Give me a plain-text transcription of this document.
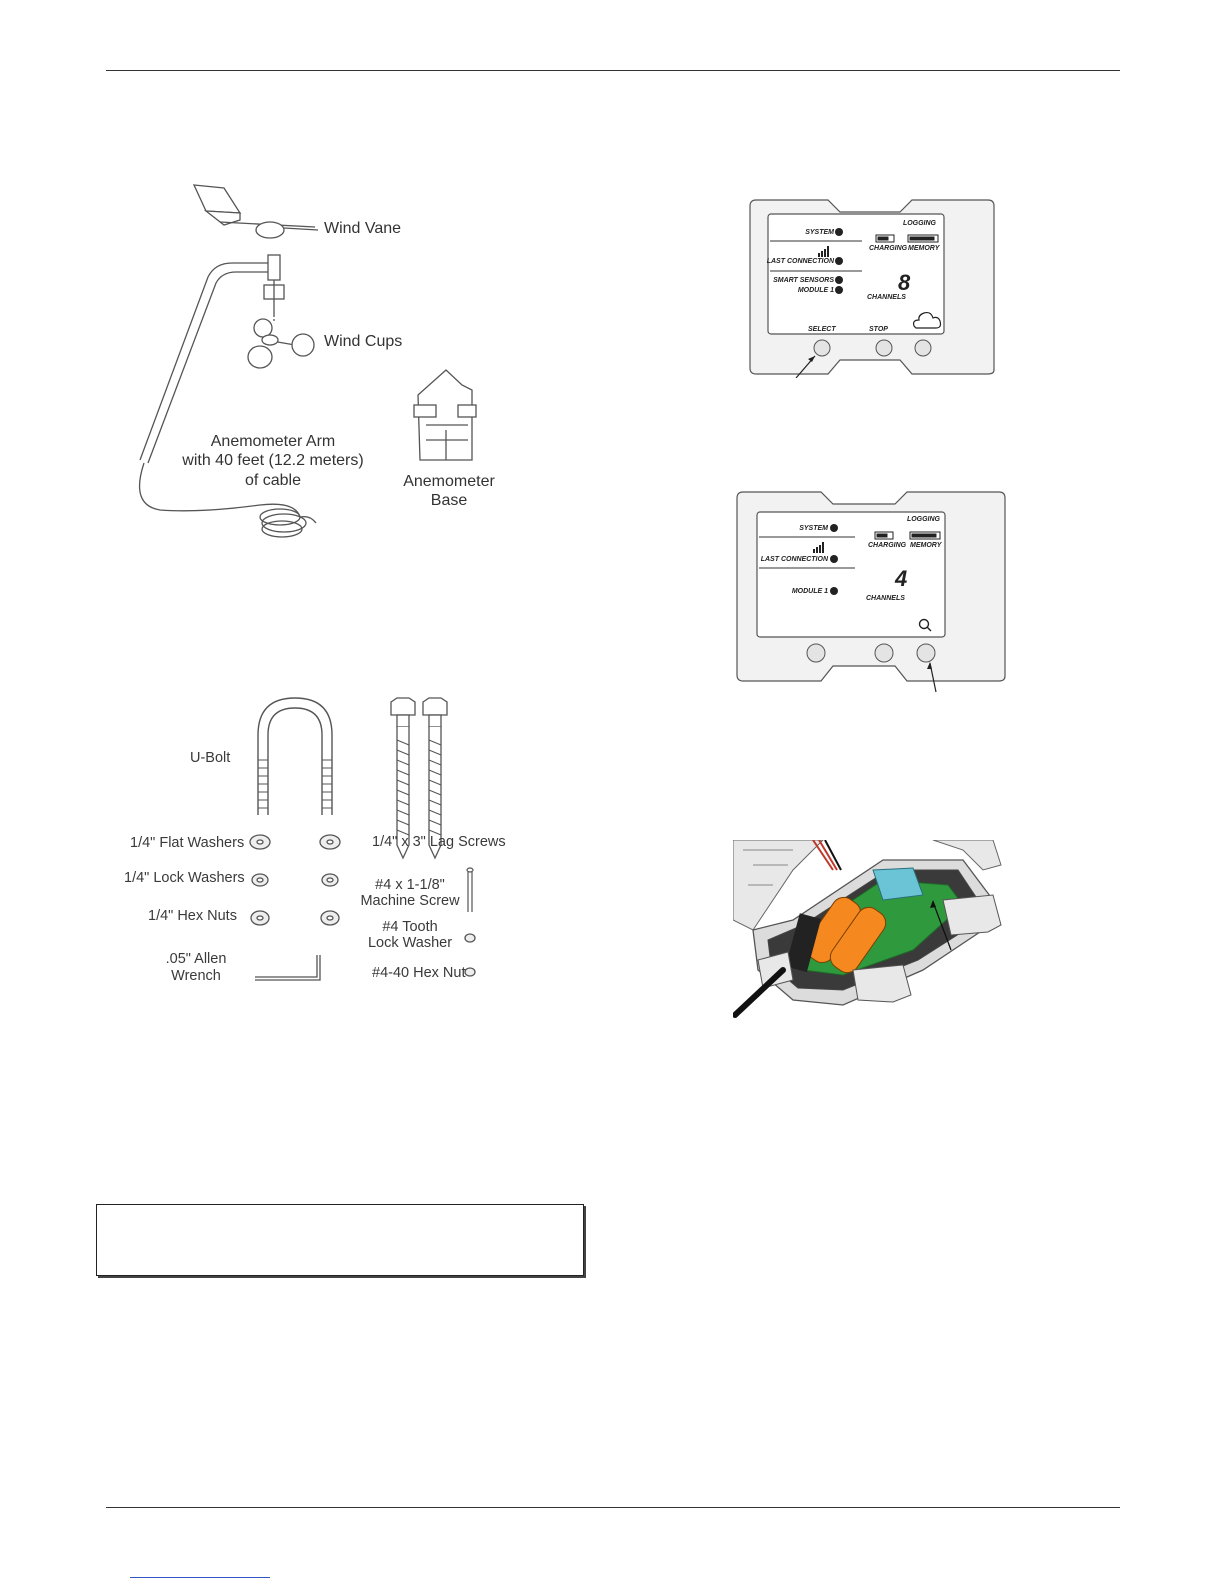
Wind Vane
Wind Cups
Anemometer Arm
with 40 feet (12.2 meters)
of cable	Anemometer
Base
U-Bolt
1/4" Flat Washers
1/4" Lock Washers
1/4" Hex Nuts
.05" Allen
Wrench
1/4" x 3" Lag Screws
#4 x 1-1/8"
Machine Screw
#4 Tooth
Lock Washer
#4-40 Hex Nut
LOGGING
SYSTEM
LAST CONNECTION
SMART SENSORS
MODULE 1
CHARGING MEMORY
8
CHANNELS
SELECT	STOP
LOGGING
SYSTEM
LAST CONNECTION
MODULE 1
CHARGING MEMORY
4
CHANNELS
